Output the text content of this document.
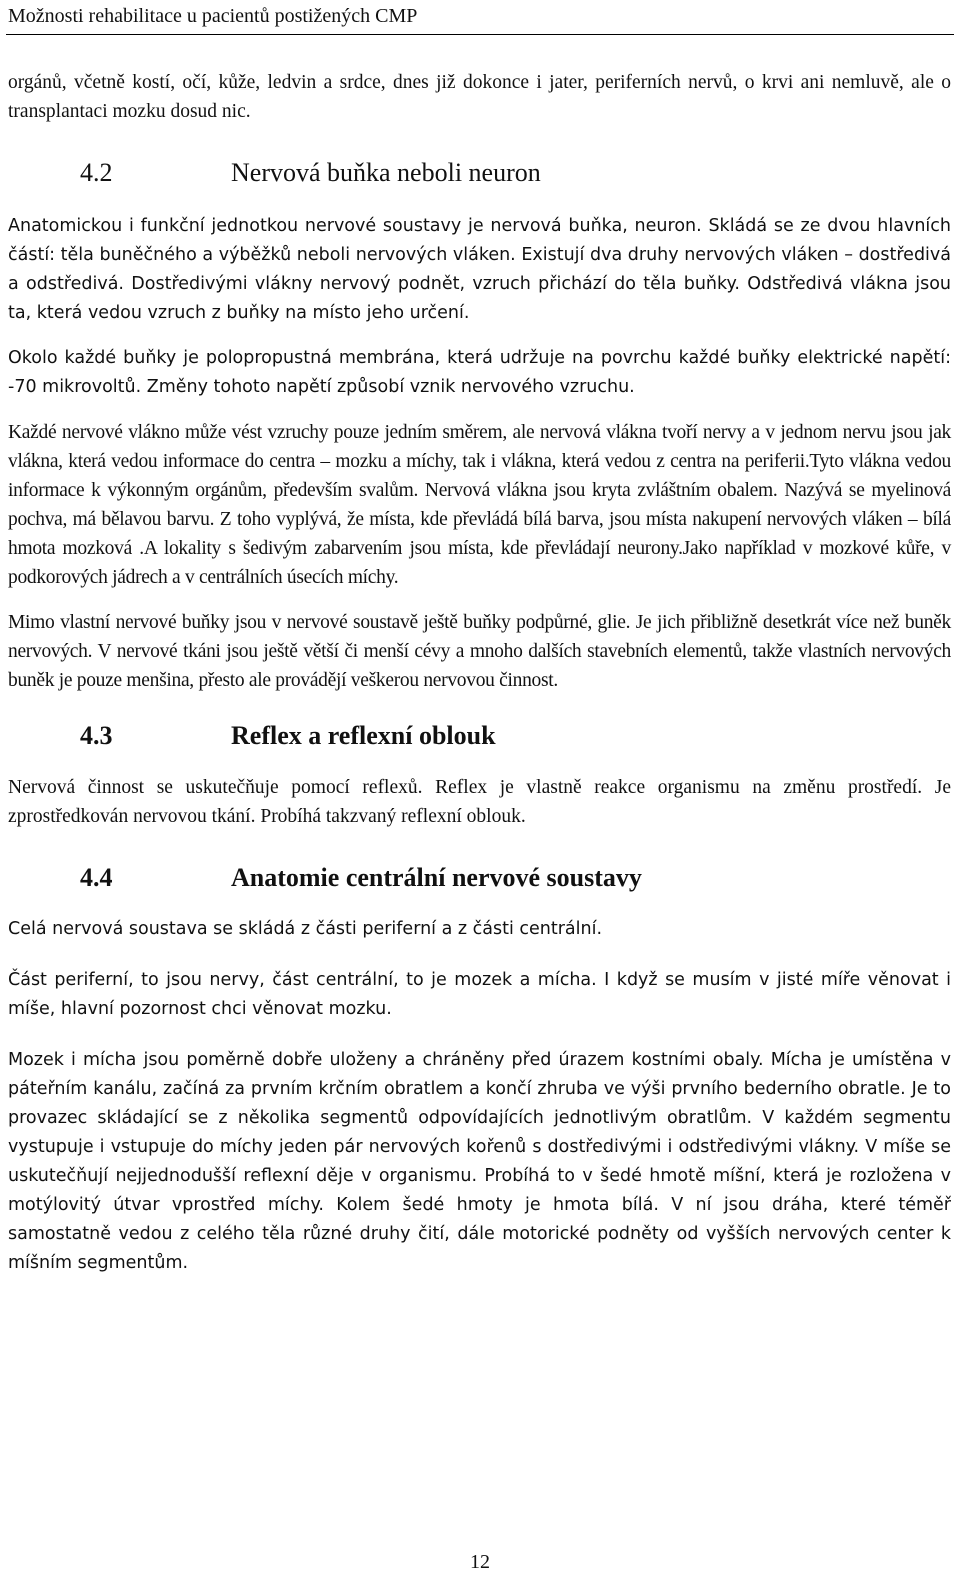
Možnosti rehabilitace u pacientů postižených CMP

orgánů, včetně kostí, očí, kůže, ledvin a srdce, dnes již dokonce i jater, periferních nervů, o krvi ani nemluvě, ale o transplantaci mozku dosud nic.

4.2	Nervová buňka neboli neuron

Anatomickou i funkční jednotkou nervové soustavy je nervová buňka, neuron. Skládá se ze dvou hlavních částí: těla buněčného a výběžků neboli nervových vláken. Existují dva druhy nervových vláken – dostředivá a odstředivá. Dostředivými vlákny nervový podnět, vzruch přichází do těla buňky. Odstředivá vlákna jsou ta, která vedou vzruch z buňky na místo jeho určení.

Okolo každé buňky je polopropustná membrána, která udržuje na povrchu každé buňky elektrické napětí: -70 mikrovoltů. Změny tohoto napětí způsobí vznik nervového vzruchu.

Každé nervové vlákno může vést vzruchy pouze jedním směrem, ale nervová vlákna tvoří nervy a v jednom nervu jsou jak vlákna, která vedou informace do centra – mozku a míchy, tak i vlákna, která vedou z centra na periferii.Tyto vlákna vedou informace k výkonným orgánům, především svalům. Nervová vlákna jsou kryta zvláštním obalem. Nazývá se myelinová pochva, má bělavou barvu. Z toho vyplývá, že místa, kde převládá bílá barva, jsou místa nakupení nervových vláken – bílá hmota mozková .A lokality s šedivým zabarvením jsou místa, kde převládají neurony.Jako například v mozkové kůře, v podkorových jádrech a v centrálních úsecích míchy.

Mimo vlastní nervové buňky jsou v nervové soustavě ještě buňky podpůrné, glie. Je jich přibližně desetkrát více než buněk nervových. V nervové tkáni jsou ještě větší či menší cévy a mnoho dalších stavebních elementů, takže vlastních nervových buněk je pouze menšina, přesto ale provádějí veškerou nervovou činnost.

4.3	Reflex a reflexní oblouk

Nervová činnost se uskutečňuje pomocí reflexů. Reflex je vlastně reakce organismu na změnu prostředí. Je zprostředkován nervovou tkání. Probíhá takzvaný reflexní oblouk.

4.4	Anatomie centrální nervové soustavy

Celá nervová soustava se skládá z části periferní a z části centrální.

Část periferní, to jsou nervy, část centrální, to je mozek a mícha. I když se musím v jisté míře věnovat i míše, hlavní pozornost chci věnovat mozku.

Mozek i mícha jsou poměrně dobře uloženy a chráněny před úrazem kostními obaly. Mícha je umístěna v páteřním kanálu, začíná za prvním krčním obratlem a končí zhruba ve výši prvního bederního obratle. Je to provazec skládající se z několika segmentů odpovídajících jednotlivým obratlům. V každém segmentu vystupuje i vstupuje do míchy jeden pár nervových kořenů s dostředivými i odstředivými vlákny. V míše se uskutečňují nejjednodušší reflexní děje v organismu. Probíhá to v šedé hmotě míšní, která je rozložena v motýlovitý útvar vprostřed míchy. Kolem šedé hmoty je hmota bílá. V ní jsou dráha, které téměř samostatně vedou z celého těla různé druhy čití, dále motorické podněty od vyšších nervových center k míšním segmentům.

12
